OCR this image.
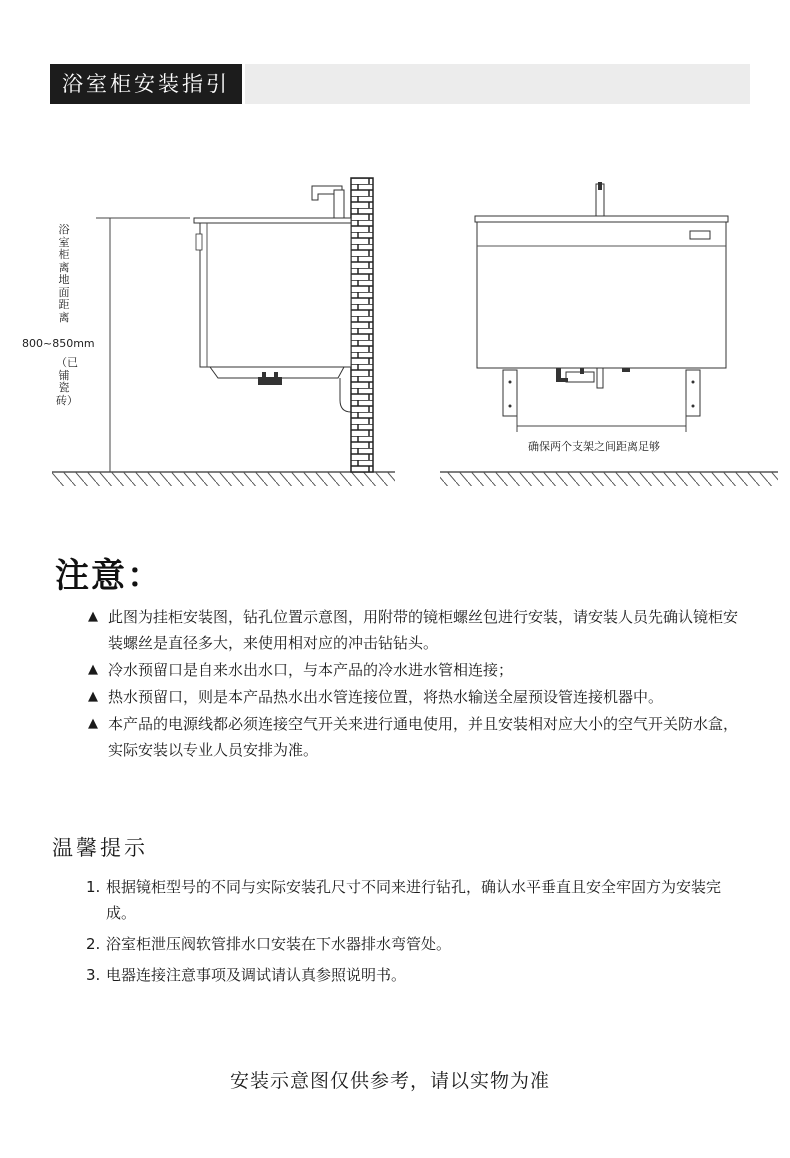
浴室柜安装指引
浴室柜离地面距离
800~850mm
（已铺瓷砖）
确保两个支架之间距离足够
注意：
▲ 此图为挂柜安装图，钻孔位置示意图，用附带的镜柜螺丝包进行安装，请安装人员先确认镜柜安装螺丝是直径多大，来使用相对应的冲击钻钻头。
▲ 冷水预留口是自来水出水口，与本产品的冷水进水管相连接；
▲ 热水预留口，则是本产品热水出水管连接位置，将热水输送全屋预设管连接机器中。
▲ 本产品的电源线都必须连接空气开关来进行通电使用，并且安装相对应大小的空气开关防水盒，实际安装以专业人员安排为准。
温馨提示
1. 根据镜柜型号的不同与实际安装孔尺寸不同来进行钻孔，确认水平垂直且安全牢固方为安装完成。
2. 浴室柜泄压阀软管排水口安装在下水器排水弯管处。
3. 电器连接注意事项及调试请认真参照说明书。
安装示意图仅供参考，请以实物为准
